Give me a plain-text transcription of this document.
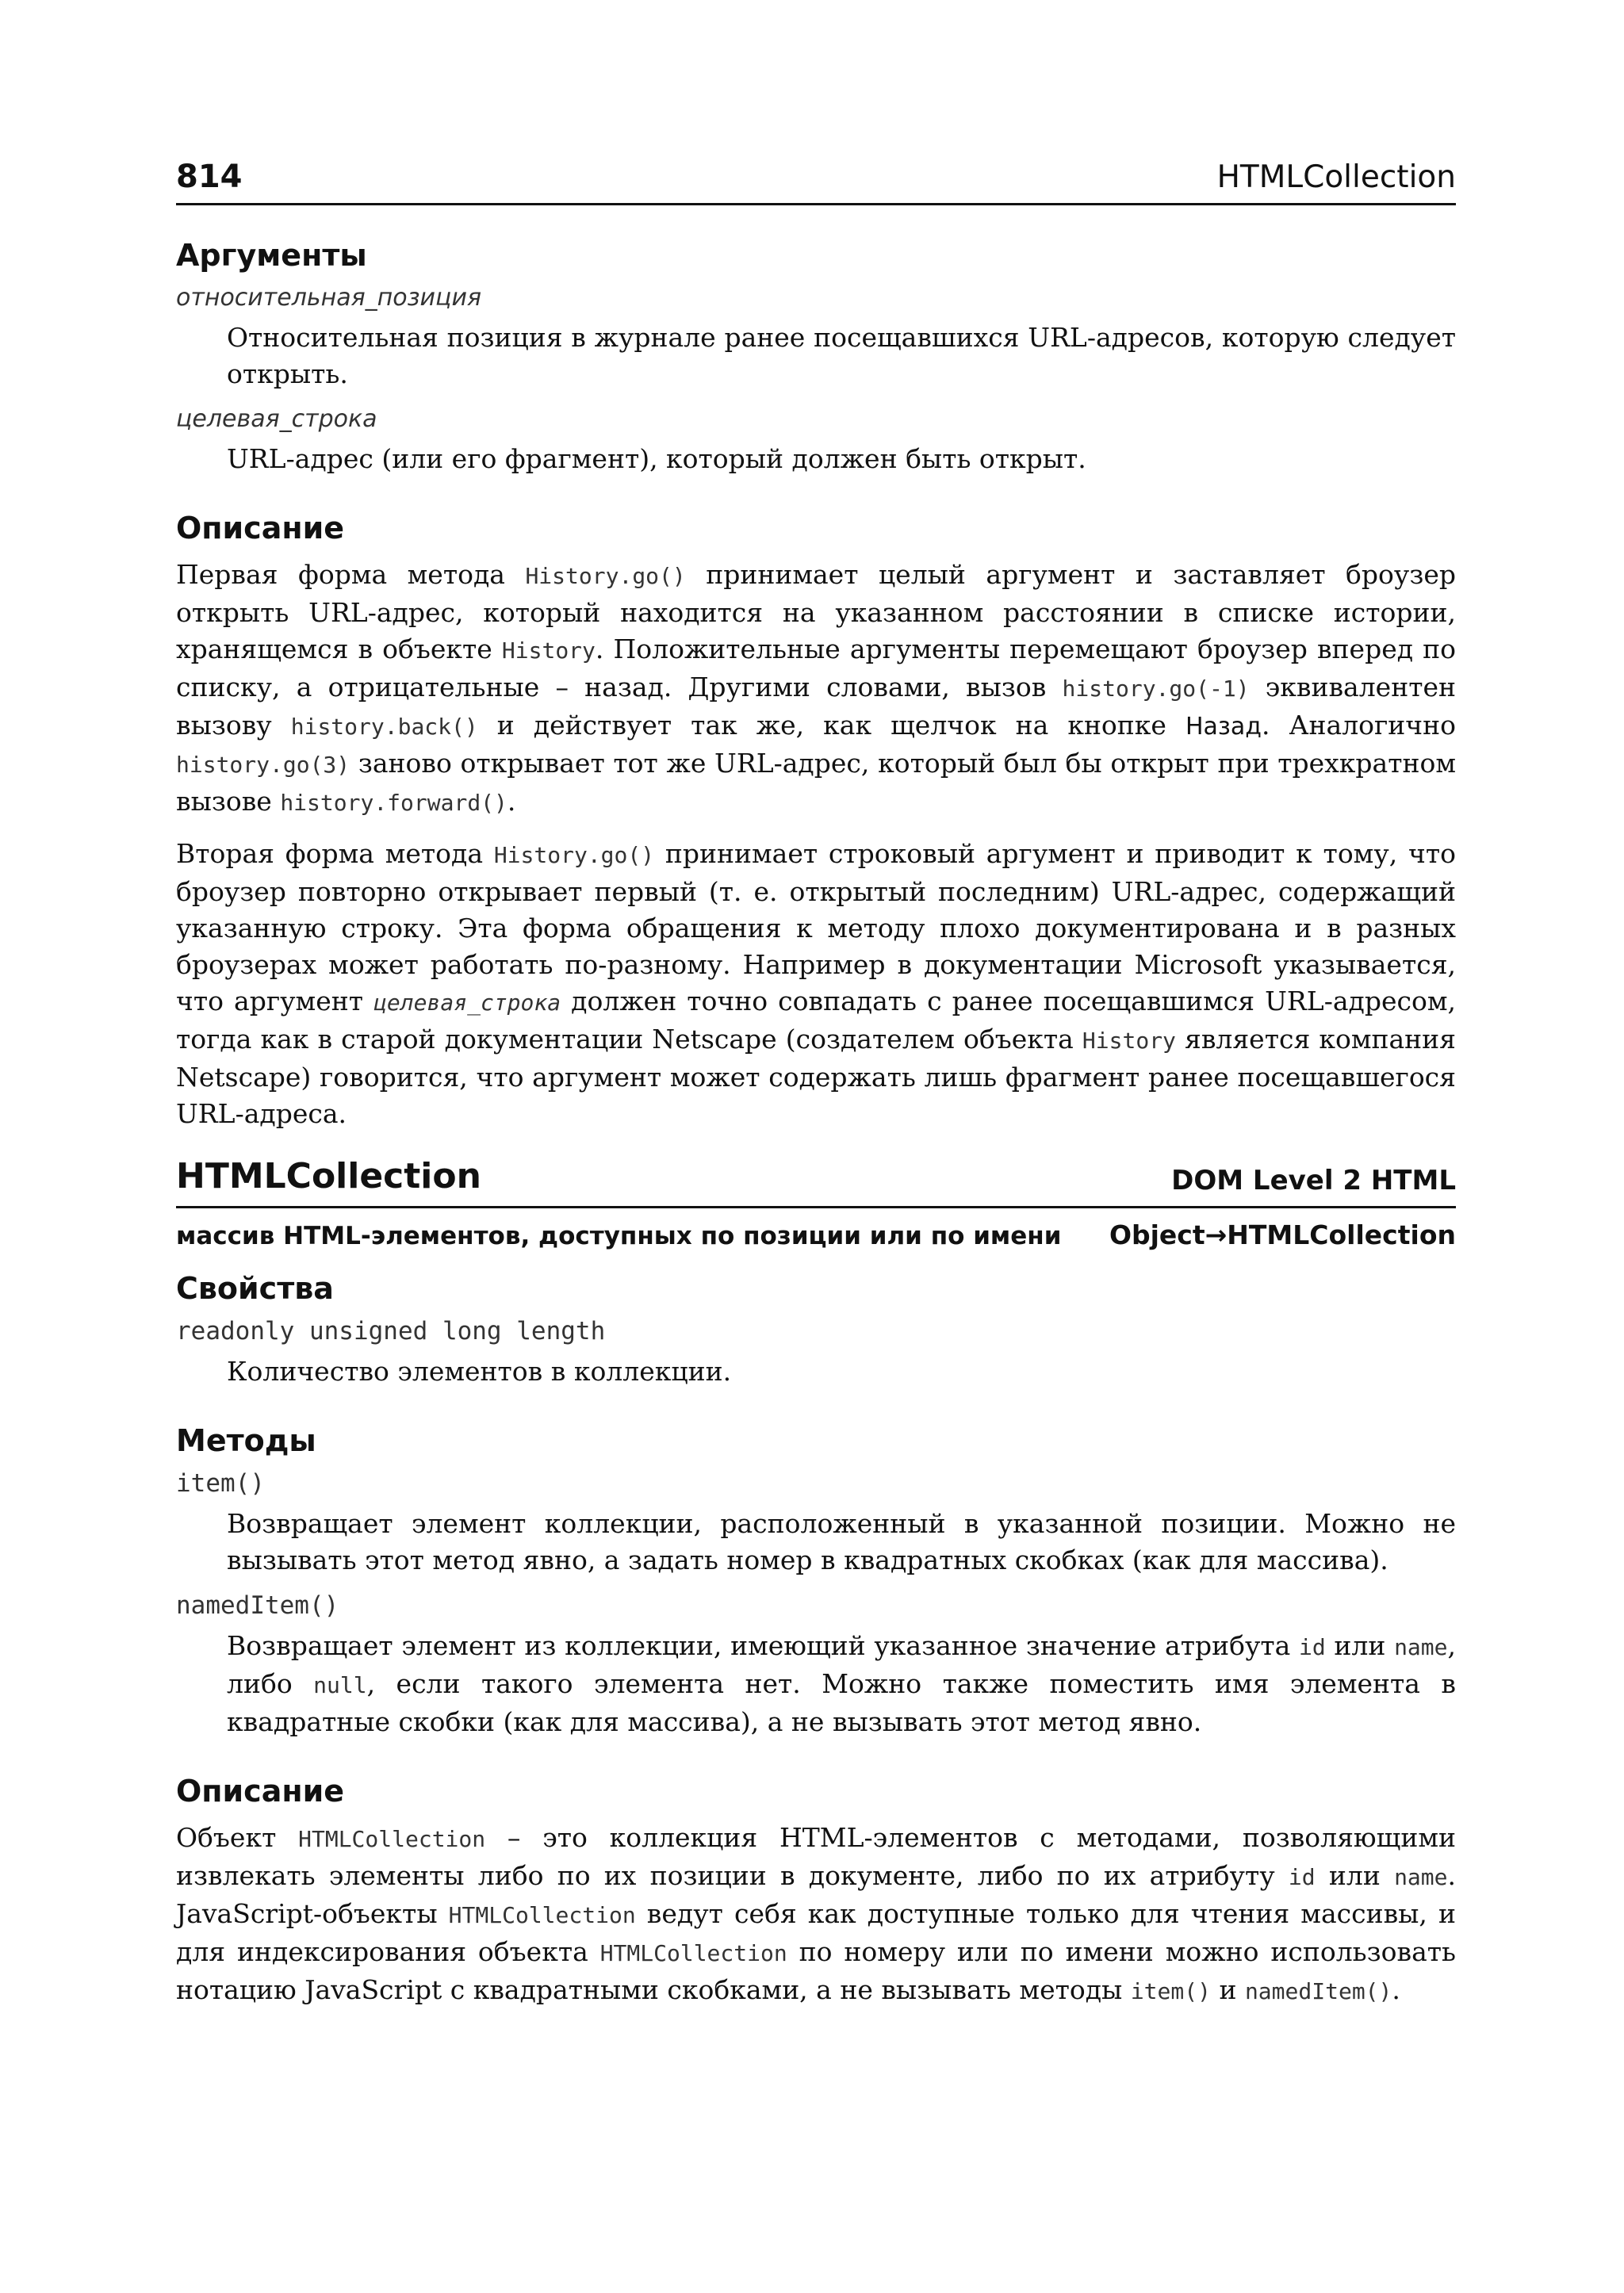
814	HTMLCollection
Аргументы
относительная_позиция
Относительная позиция в журнале ранее посещавшихся URL-адресов, которую следует открыть.
целевая_строка
URL-адрес (или его фрагмент), который должен быть открыт.
Описание

Первая форма метода History.go() принимает целый аргумент и заставляет броузер открыть URL-адрес, который находится на указанном расстоянии в списке истории, хранящемся в объекте History. Положительные аргументы перемещают броузер вперед по списку, а отрицательные – назад. Другими словами, вызов history.go(-1) эквивалентен вызову history.back() и действует так же, как щелчок на кнопке Назад. Аналогично history.go(3) заново открывает тот же URL-адрес, который был бы открыт при трехкратном вызове history.forward().

Вторая форма метода History.go() принимает строковый аргумент и приводит к тому, что броузер повторно открывает первый (т. е. открытый последним) URL-адрес, содержащий указанную строку. Эта форма обращения к методу плохо документирована и в разных броузерах может работать по-разному. Например в документации Microsoft указывается, что аргумент целевая_строка должен точно совпадать с ранее посещавшимся URL-адресом, тогда как в старой документации Netscape (создателем объекта History является компания Netscape) говорится, что аргумент может содержать лишь фрагмент ранее посещавшегося URL-адреса.

HTMLCollection	DOM Level 2 HTML
массив HTML-элементов, доступных по позиции или по имени Object→HTMLCollection
Свойства
readonly unsigned long length
Количество элементов в коллекции.
Методы
item()
Возвращает элемент коллекции, расположенный в указанной позиции. Можно не вызывать этот метод явно, а задать номер в квадратных скобках (как для массива).
namedItem()
Возвращает элемент из коллекции, имеющий указанное значение атрибута id или name, либо null, если такого элемента нет. Можно также поместить имя элемента в квадратные скобки (как для массива), а не вызывать этот метод явно.
Описание

Объект HTMLCollection – это коллекция HTML-элементов с методами, позволяющими извлекать элементы либо по их позиции в документе, либо по их атрибуту id или name. JavaScript-объекты HTMLCollection ведут себя как доступные только для чтения массивы, и для индексирования объекта HTMLCollection по номеру или по имени можно использовать нотацию JavaScript с квадратными скобками, а не вызывать методы item() и namedItem().
